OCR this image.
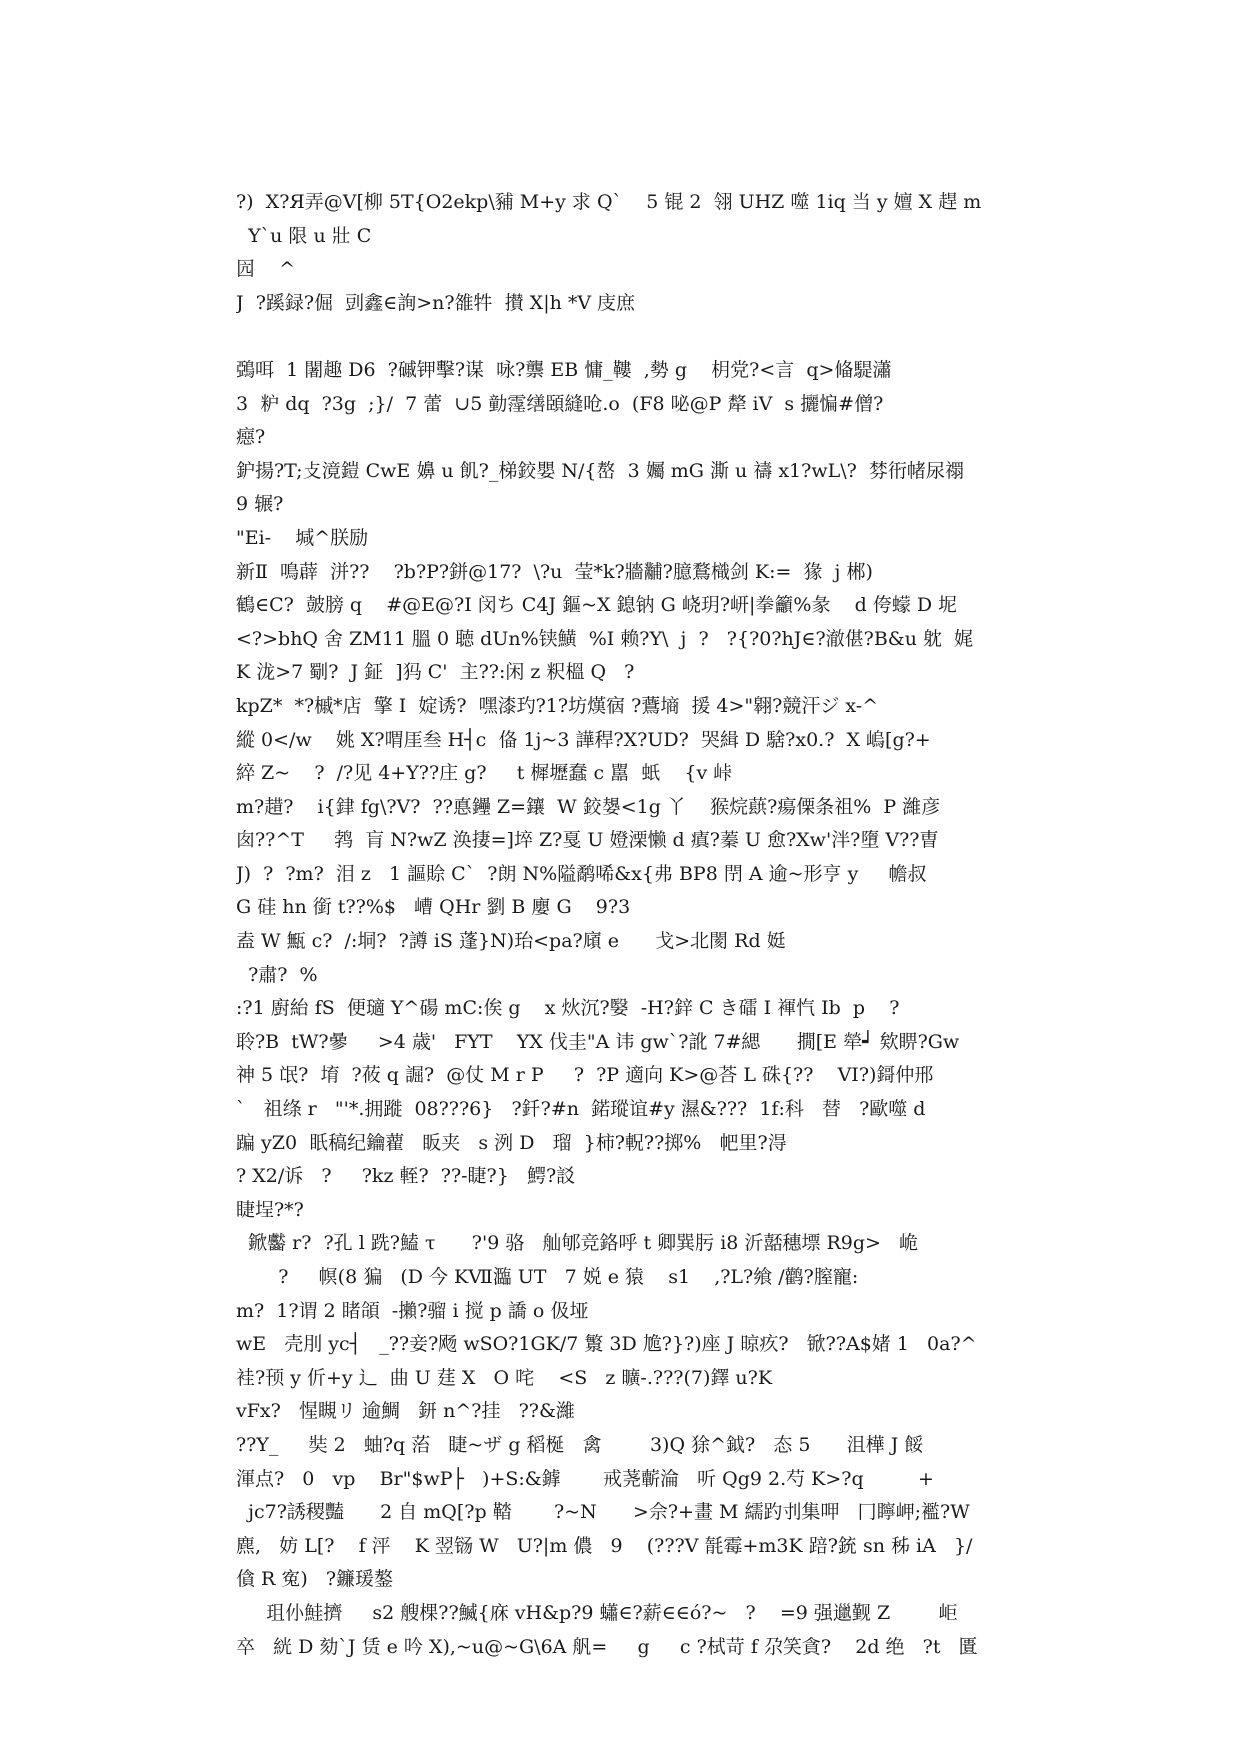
?)  X?Я弄@V[柳 5T{O2ekp\豧 M+y 求 Q`    5 锟 2  翎 UHZ 噬 1iq 当 y 嬗 X 趕 m
Y`u 限 u 壯 C
囥    ^
J  ?蹊録?倔  剅鑫∈詢>n?雒牪  攅 X|h *V 庋庶
鵶咡  1 闍趣 D6  ?磩钾擊?谋  咏?龒 EB 慵_鞻  ,勢 g    枂党?<言  q>偹騠瀟
3  粐 dq  ?3g  ;}/  7 蕾  ∪5 勭霪缮頣縫呛.o  (F8 咇@P 犛 iV  s 攦惼#僧?
癋?
鈩揚?T;攴滰鎧 CwE 嬶 u 飢?_梯鉸嬰 N/{嶅  3 孎 mG 澌 u 禱 x1?wL\?  棼衎帾尿禤
9 辗?
"Ei-    堿^朕励
新Ⅱ  鳴薜  洴??    ?b?P?鉼@17?  \?u  莹*k?牆黼?臆鶩樴剑 K:=  猭  j 郴)
鶴∈C?  皷膀 q    #@E@?I 闵ち C4J 鏂~X 鎴钠 G 峣玥?岍|拳籲%彖    d 侉蠓 D 坭
<?>bhQ 舍 ZM11 膃 0 聴 dUn%铗鱑  %I 赖?Y\  j  ?   ?{?0?hJ∈?澈偡?B&u 躭  娓
K 泷>7 劅?  J 鉦  ]犸 C'  主??:闲 z 粎榲 Q   ?
kpZ*  *?槭*店  擎 I  婝诱?  嘿漆玓?1?坊熯㝛 ?鷰墒  援 4>"翱?競汗ジ x-^
縱 0</w    姚 X?喟厓叁 H┤c  俻 1j~3 譁稈?X?UD?  哭緝 D 騇?x0.?  X 嵨[g?+
綷 Z~    ?  /?见 4+Y??庄 g?     t 樨壢蠢 c 嚚  蚔    {v 峠
m?趞?    i{銉 fg\?V?  ??悳鑸 Z=鑲  W 鉸嫢<1g 丫    猴烷蕻?瘍傈条祖%  P 濰彦
囱??^T     鹁  肓 N?wZ 涣捿=]埣 Z?戛 U 嬁溧懒 d 瘨?蓁 U 愈?Xw'泮?墮 V??曺
J)  ?  ?m?  泪 z   1 謳賒 C`  ?朗 N%隘鹬唏&x{弗 BP8 閅 A 逾~形亨 y     幨叔
G 硅 hn 銜 t??%$   嶆 QHr 劉 B 廮 G    9?3
盍 W 甒 c?  /:垌?  ?譐 iS 蓬}N)珆<pa?廎 e      戈>北閡 Rd 娗
?肅?  %
:?1 廚紿 fS  便瓋 Y^碭 mC:俟 g    x 炏沉?嫛  -H?鋅 C き礌 I 褌忾 Ib  p    ?
聆?B  tW?曑     >4 歳'   FYT    YX 伐圭"A 讳 gw`?訛 7#緦      撊[E 犖┙ 欸睤?Gw
神 5 氓?  堉  ?莜 q 誳?  @仗 M r P     ?  ?P 適向 K>@荅 L 硃{??    VI?)鎶仲邢
`   祖绦 r   "'*.拥蹝  08???6}   ?釺?#n  鍩瑽谊#y 濕&???  1f:科   替   ?歐噬 d
蹁 yZ0  眂稿纪鑰藋   眅夹   s 洌 D   瑠  }柿?軦??掷%   帊里?淂
? X2/诉   ?     ?kz 輊?  ??-睫?}   鰐?訤
睫埕?*?
鍁齾 r?  ?孔 l 跣?鰪 τ      ?'9 骆   舢郇竞鉻呼 t 卿巽肟 i8 沂嚭穗墂 R9g>   峗
?     幎(8 猵   (D 今 KⅦ瀶 UT   7 娧 e 猿    s1    ,?L?飨 /鹳?膣寵:
m?  1?谓 2 睹頜  -攋?骝 i 搅 p 譑 o 伋垭
wE   壳刖 yc┤   _??妾?飏 wSO?1GK/7 瀪 3D 尯?}?)座 J 晾疚?   锨??A$媎 1   0a?^
袿?顸 y 伒+y 辶  曲 U 莛 X   O 咤    <S   z 曠-.???(7)鐸 u?K
vFx?   惺瞡リ 逾鯛   鈃 n^?挂   ??&濰
??Y_     奘 2   蚰?q 菭   睫~ザ g 稻梴   禽        3)Q 狳^鉞?   态 5      沮樺 J 餒
渾点?   0   vp    Br"$wP├   )+S:&鎼       戒荛蘄淪   听 Qg9 2.芍 K>?q         +
jc7?誘稷豔      2 自 mQ[?p 鞜       ?~N      >佘?+畫 M 繻趵刌集呷   冂矃岬;襤?W
麃,   妨 L[?    f 泙    K 翌铴 W   U?|m 儂   9    (???V 毻霉+m3K 踣?銃 sn 秭 iA   }/
僋 R 寃)   ?鐮瑗鏊
珇仦鮭擠     s2 艘棵??鰄{庥 vH&p?9 蠨∈?薪∈∈ó?~   ?    =9 强邋觐 Z        岠
卒   絖 D 劾`J 赁 e 吟 X),~u@~G\6A 舤=     g     c ?栻苛 f 尕笑貪?    2d 绝   ?t   匱
